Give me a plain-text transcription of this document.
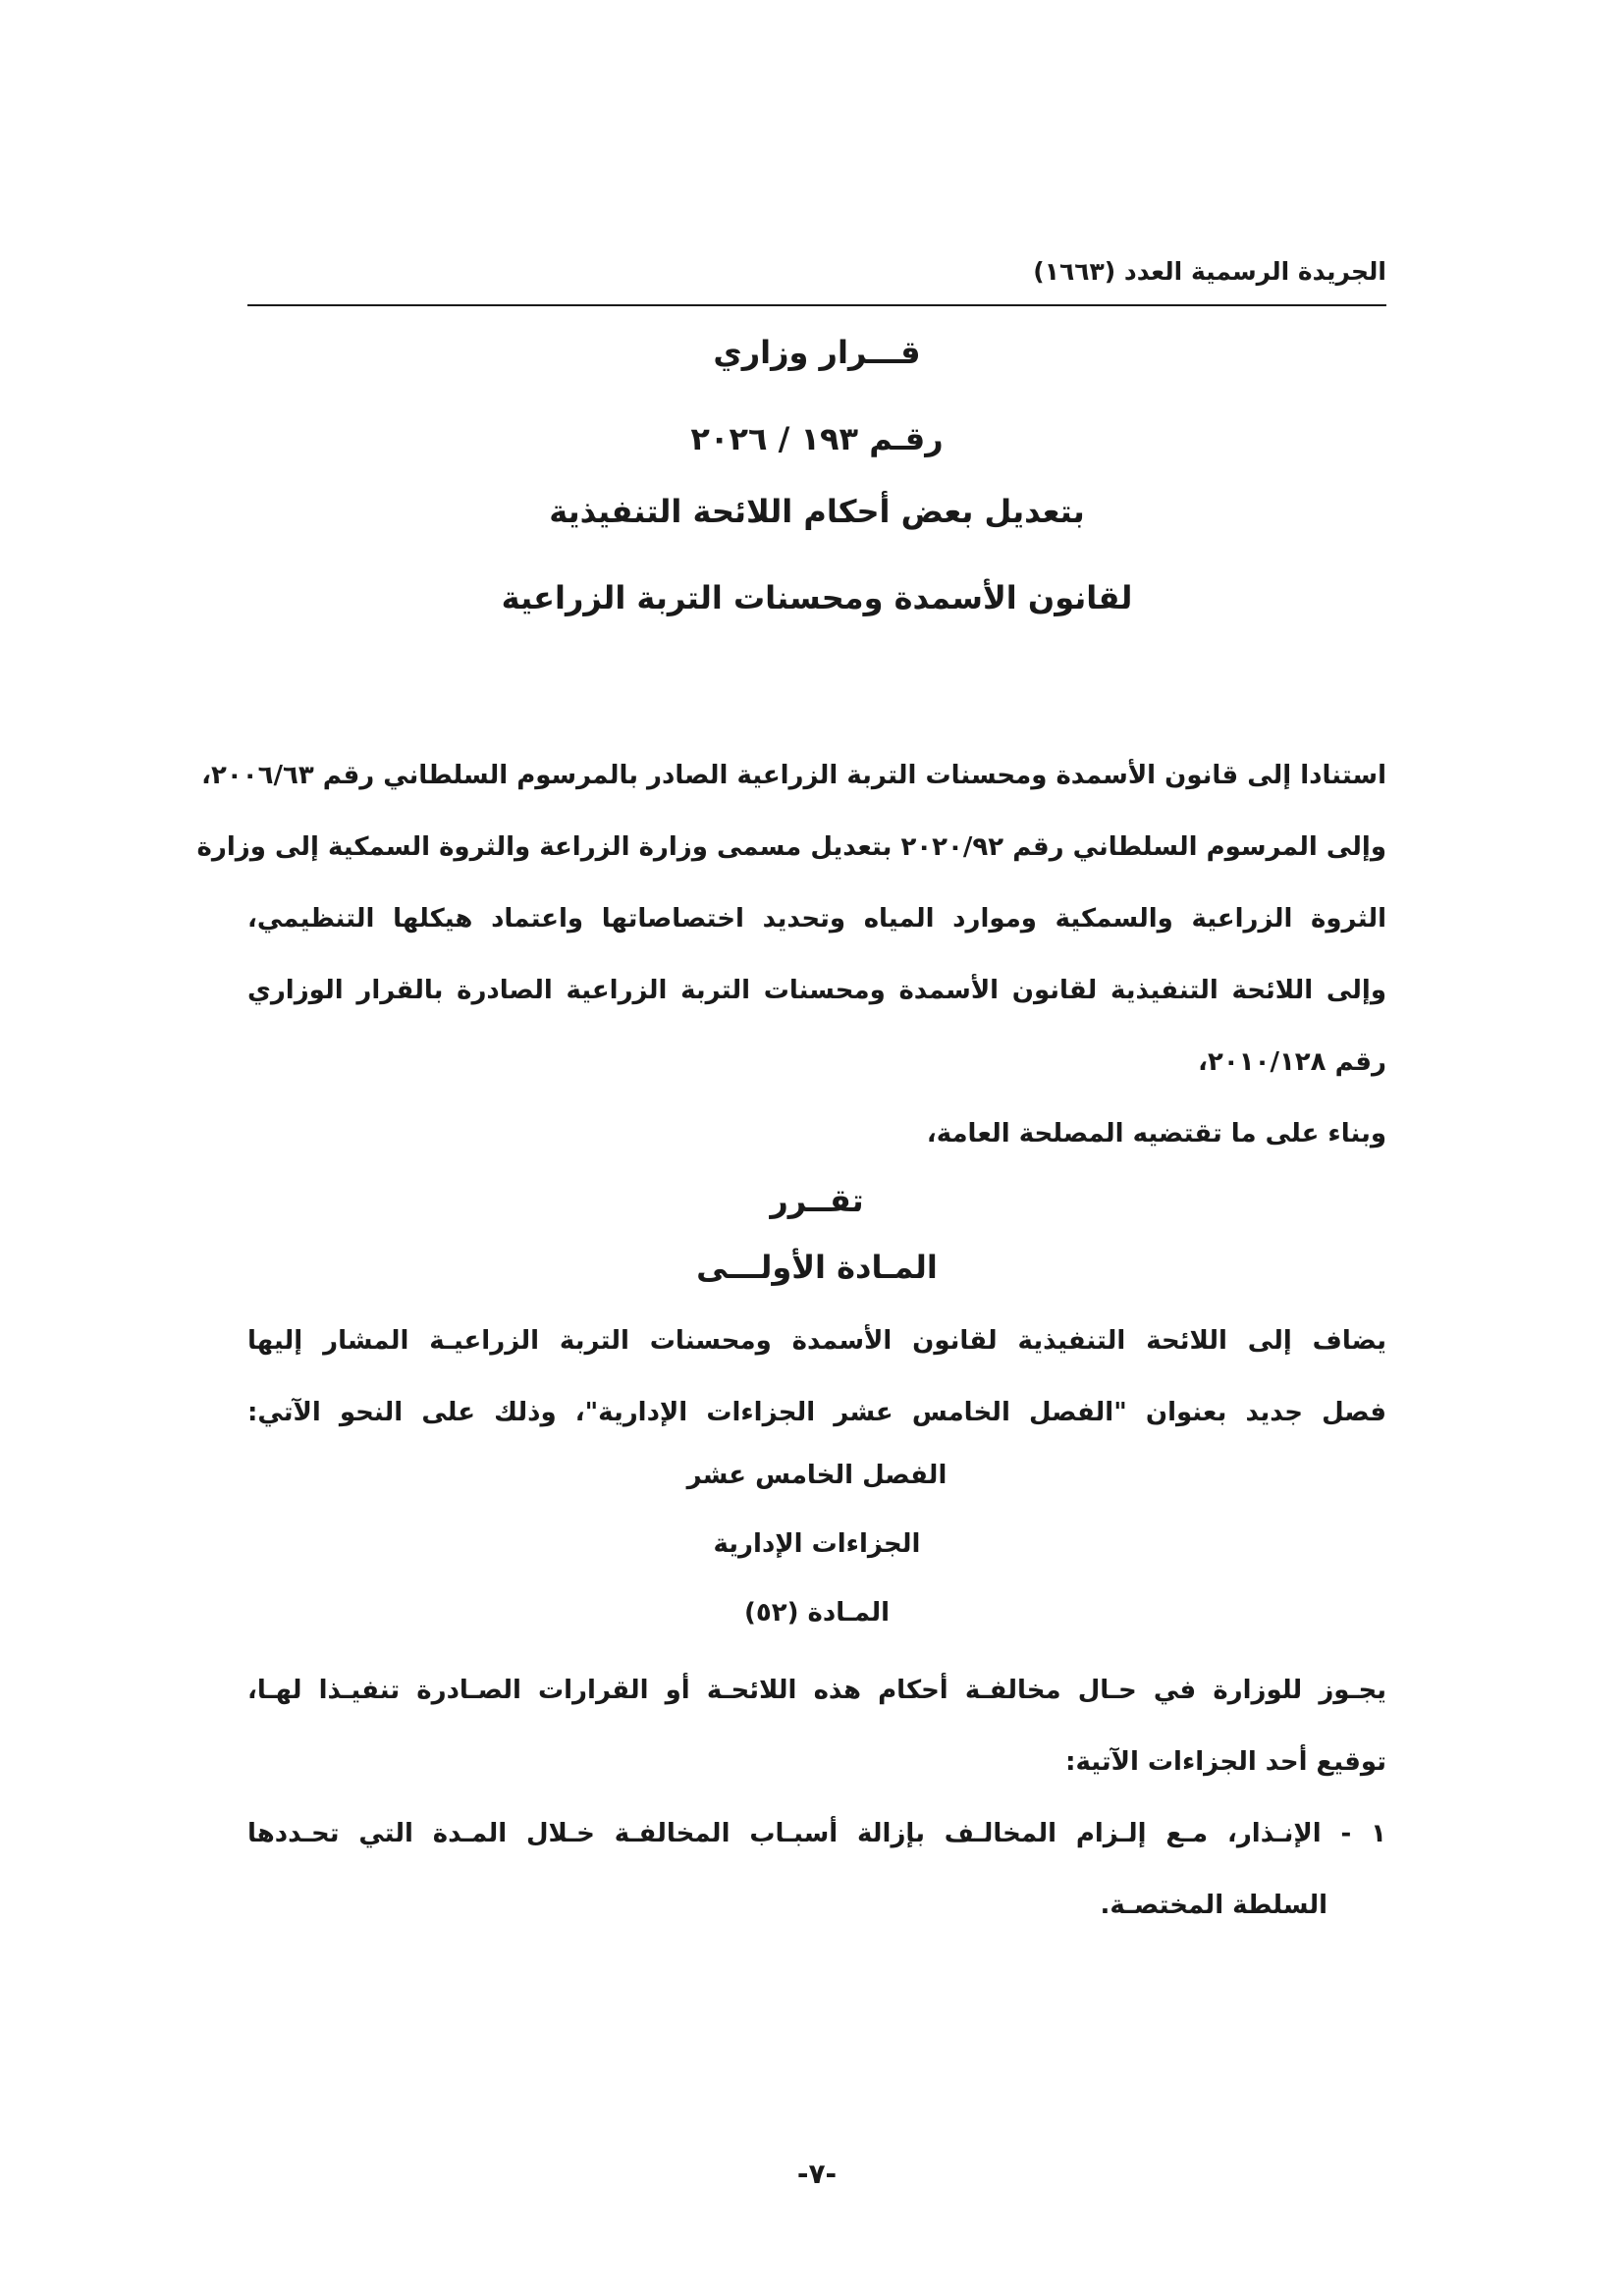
الجريدة الرسمية العدد (١٦٦٣)
قـــرار وزاري
رقـم ١٩٣ / ٢٠٢٦
بتعديل بعض أحكام اللائحة التنفيذية
لقانون الأسمدة ومحسنات التربة الزراعية
استنادا إلى قانون الأسمدة ومحسنات التربة الزراعية الصادر بالمرسوم السلطاني رقم ٢٠٠٦/٦٣،
وإلى المرسوم السلطاني رقم ٢٠٢٠/٩٢ بتعديل مسمى وزارة الزراعة والثروة السمكية إلى وزارة
الثروة الزراعية والسمكية وموارد المياه وتحديد اختصاصاتها واعتماد هيكلها التنظيمي،
وإلى اللائحة التنفيذية لقانون الأسمدة ومحسنات التربة الزراعية الصادرة بالقرار الوزاري
رقم ٢٠١٠/١٢٨،
وبناء على ما تقتضيه المصلحة العامة،
تقــرر
المـادة الأولـــى
يضاف إلى اللائحة التنفيذية لقانون الأسمدة ومحسنات التربة الزراعيـة المشار إليها
فصل جديد بعنوان "الفصل الخامس عشر الجزاءات الإدارية"، وذلك على النحو الآتي:
الفصل الخامس عشر
الجزاءات الإدارية
المـادة (٥٢)
يجـوز للوزارة في حـال مخالفـة أحكام هذه اللائحـة أو القرارات الصـادرة تنفيـذا لهـا،
توقيع أحد الجزاءات الآتية:
١ - الإنـذار، مـع إلـزام المخالـف بإزالة أسبـاب المخالفـة خـلال المـدة التي تحـددها
السلطة المختصـة.
-٧-
